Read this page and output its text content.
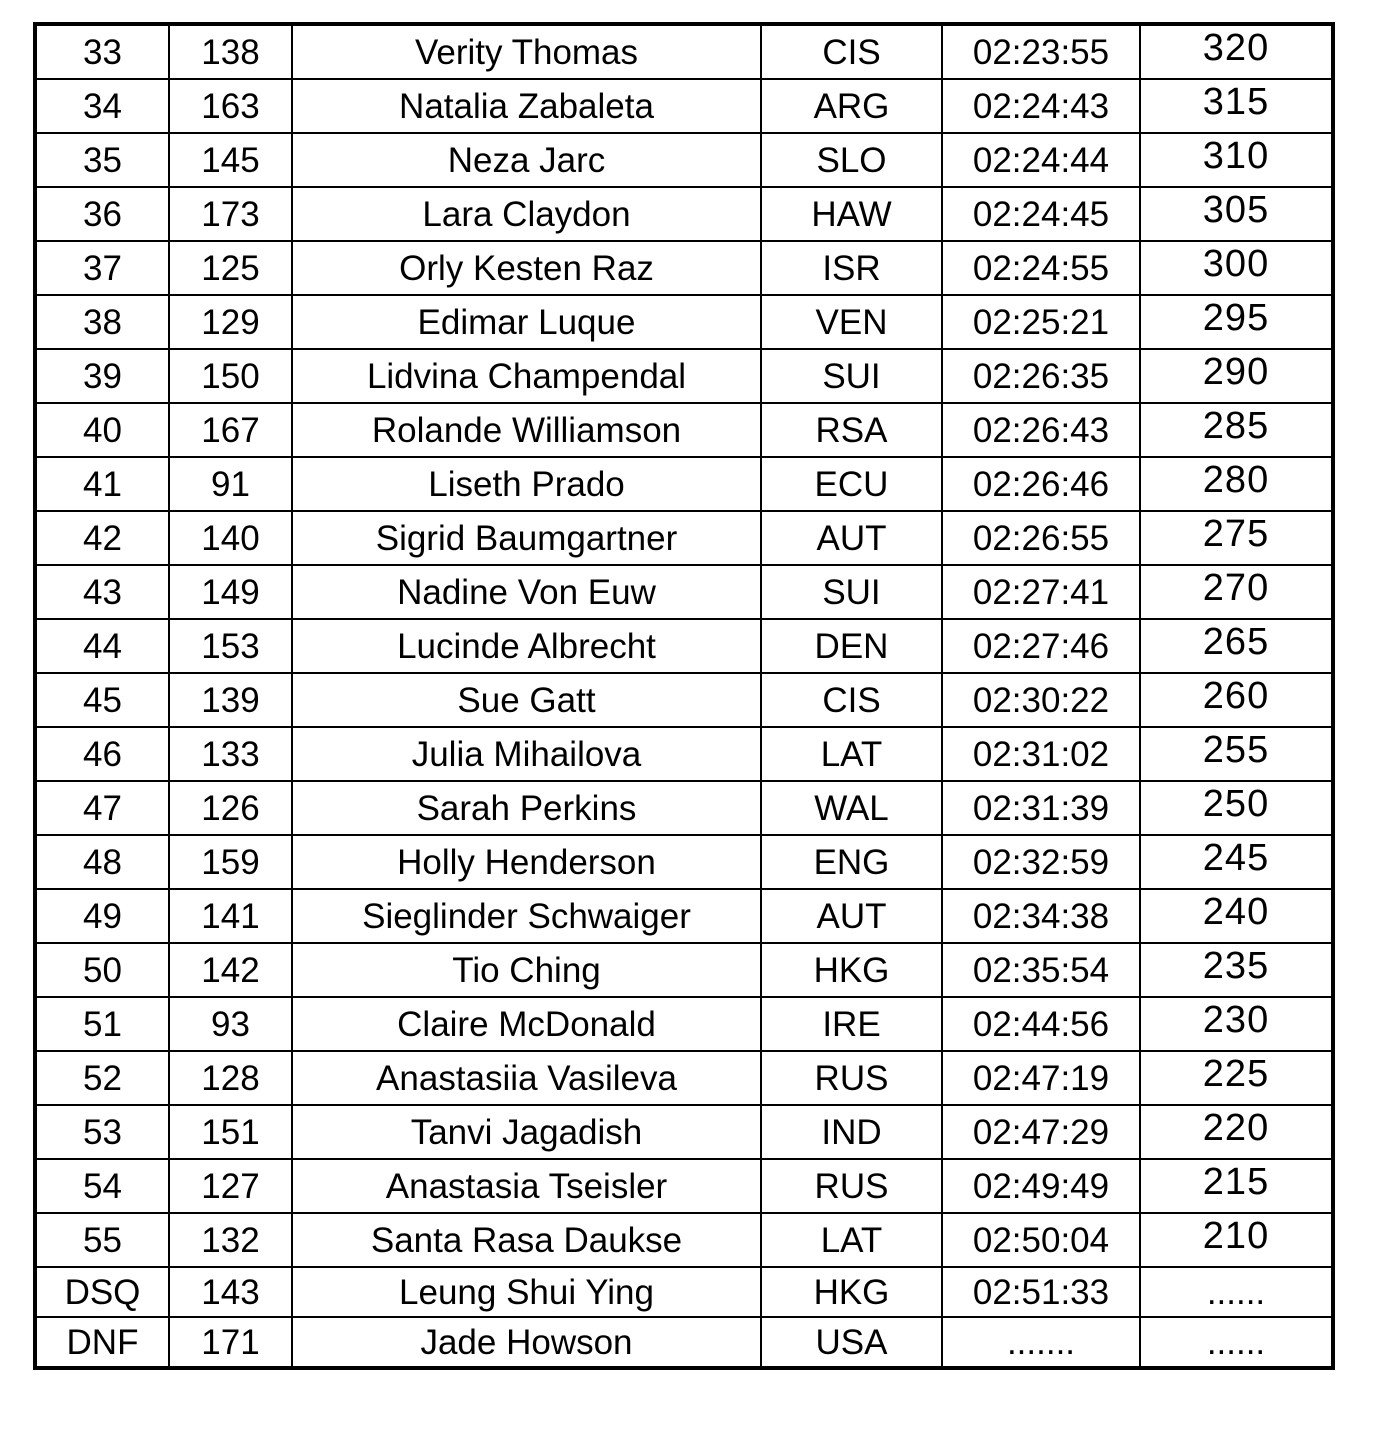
33	138	Verity Thomas	CIS	02:23:55	320
34	163	Natalia Zabaleta	ARG	02:24:43	315
35	145	Neza Jarc	SLO	02:24:44	310
36	173	Lara Claydon	HAW	02:24:45	305
37	125	Orly Kesten Raz	ISR	02:24:55	300
38	129	Edimar Luque	VEN	02:25:21	295
39	150	Lidvina Champendal	SUI	02:26:35	290
40	167	Rolande Williamson	RSA	02:26:43	285
41	91	Liseth Prado	ECU	02:26:46	280
42	140	Sigrid Baumgartner	AUT	02:26:55	275
43	149	Nadine Von Euw	SUI	02:27:41	270
44	153	Lucinde Albrecht	DEN	02:27:46	265
45	139	Sue Gatt	CIS	02:30:22	260
46	133	Julia Mihailova	LAT	02:31:02	255
47	126	Sarah Perkins	WAL	02:31:39	250
48	159	Holly Henderson	ENG	02:32:59	245
49	141	Sieglinder Schwaiger	AUT	02:34:38	240
50	142	Tio Ching	HKG	02:35:54	235
51	93	Claire McDonald	IRE	02:44:56	230
52	128	Anastasiia Vasileva	RUS	02:47:19	225
53	151	Tanvi Jagadish	IND	02:47:29	220
54	127	Anastasia Tseisler	RUS	02:49:49	215
55	132	Santa Rasa Daukse	LAT	02:50:04	210
DSQ	143	Leung Shui Ying	HKG	02:51:33	......
DNF	171	Jade Howson	USA	.......	......
